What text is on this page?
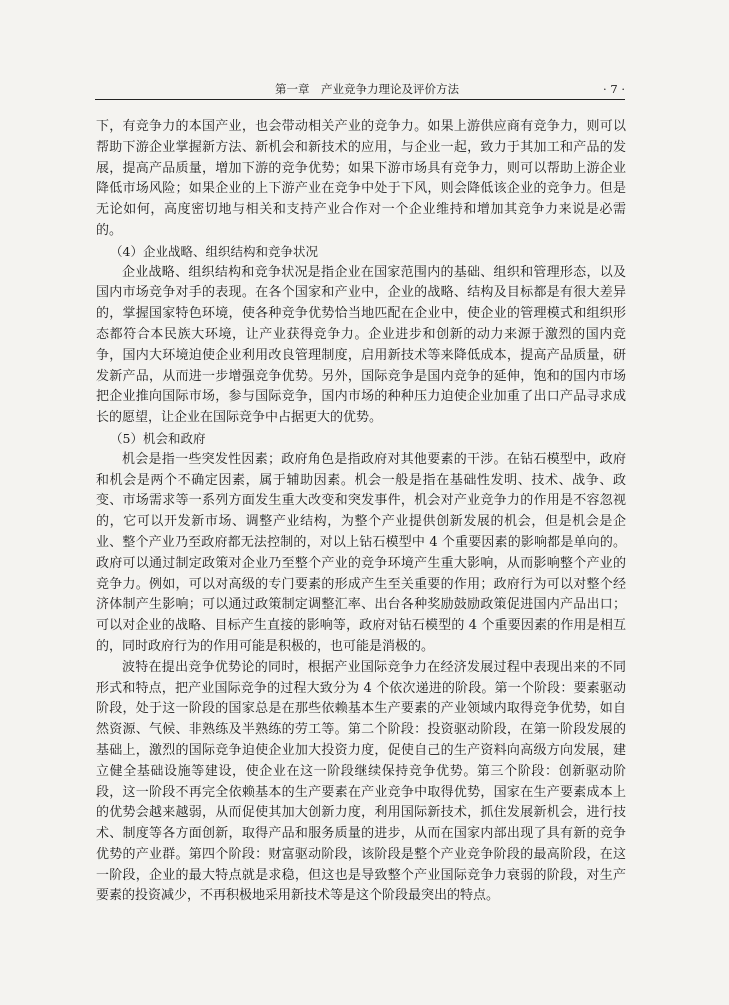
第一章　产业竞争力理论及评价方法	· 7 ·

下，有竞争力的本国产业，也会带动相关产业的竞争力。如果上游供应商有竞争力，则可以帮助下游企业掌握新方法、新机会和新技术的应用，与企业一起，致力于其加工和产品的发展，提高产品质量，增加下游的竞争优势；如果下游市场具有竞争力，则可以帮助上游企业降低市场风险；如果企业的上下游产业在竞争中处于下风，则会降低该企业的竞争力。但是无论如何，高度密切地与相关和支持产业合作对一个企业维持和增加其竞争力来说是必需的。

（4）企业战略、组织结构和竞争状况

企业战略、组织结构和竞争状况是指企业在国家范围内的基础、组织和管理形态，以及国内市场竞争对手的表现。在各个国家和产业中，企业的战略、结构及目标都是有很大差异的，掌握国家特色环境，使各种竞争优势恰当地匹配在企业中，使企业的管理模式和组织形态都符合本民族大环境，让产业获得竞争力。企业进步和创新的动力来源于激烈的国内竞争，国内大环境迫使企业利用改良管理制度，启用新技术等来降低成本，提高产品质量，研发新产品，从而进一步增强竞争优势。另外，国际竞争是国内竞争的延伸，饱和的国内市场把企业推向国际市场，参与国际竞争，国内市场的种种压力迫使企业加重了出口产品寻求成长的愿望，让企业在国际竞争中占据更大的优势。

（5）机会和政府

机会是指一些突发性因素；政府角色是指政府对其他要素的干涉。在钻石模型中，政府和机会是两个不确定因素，属于辅助因素。机会一般是指在基础性发明、技术、战争、政变、市场需求等一系列方面发生重大改变和突发事件，机会对产业竞争力的作用是不容忽视的，它可以开发新市场、调整产业结构，为整个产业提供创新发展的机会，但是机会是企业、整个产业乃至政府都无法控制的，对以上钻石模型中 4 个重要因素的影响都是单向的。政府可以通过制定政策对企业乃至整个产业的竞争环境产生重大影响，从而影响整个产业的竞争力。例如，可以对高级的专门要素的形成产生至关重要的作用；政府行为可以对整个经济体制产生影响；可以通过政策制定调整汇率、出台各种奖励鼓励政策促进国内产品出口；可以对企业的战略、目标产生直接的影响等，政府对钻石模型的 4 个重要因素的作用是相互的，同时政府行为的作用可能是积极的，也可能是消极的。

波特在提出竞争优势论的同时，根据产业国际竞争力在经济发展过程中表现出来的不同形式和特点，把产业国际竞争的过程大致分为 4 个依次递进的阶段。第一个阶段：要素驱动阶段，处于这一阶段的国家总是在那些依赖基本生产要素的产业领域内取得竞争优势，如自然资源、气候、非熟练及半熟练的劳工等。第二个阶段：投资驱动阶段，在第一阶段发展的基础上，激烈的国际竞争迫使企业加大投资力度，促使自己的生产资料向高级方向发展，建立健全基础设施等建设，使企业在这一阶段继续保持竞争优势。第三个阶段：创新驱动阶段，这一阶段不再完全依赖基本的生产要素在产业竞争中取得优势，国家在生产要素成本上的优势会越来越弱，从而促使其加大创新力度，利用国际新技术，抓住发展新机会，进行技术、制度等各方面创新，取得产品和服务质量的进步，从而在国家内部出现了具有新的竞争优势的产业群。第四个阶段：财富驱动阶段，该阶段是整个产业竞争阶段的最高阶段，在这一阶段，企业的最大特点就是求稳，但这也是导致整个产业国际竞争力衰弱的阶段，对生产要素的投资减少，不再积极地采用新技术等是这个阶段最突出的特点。
